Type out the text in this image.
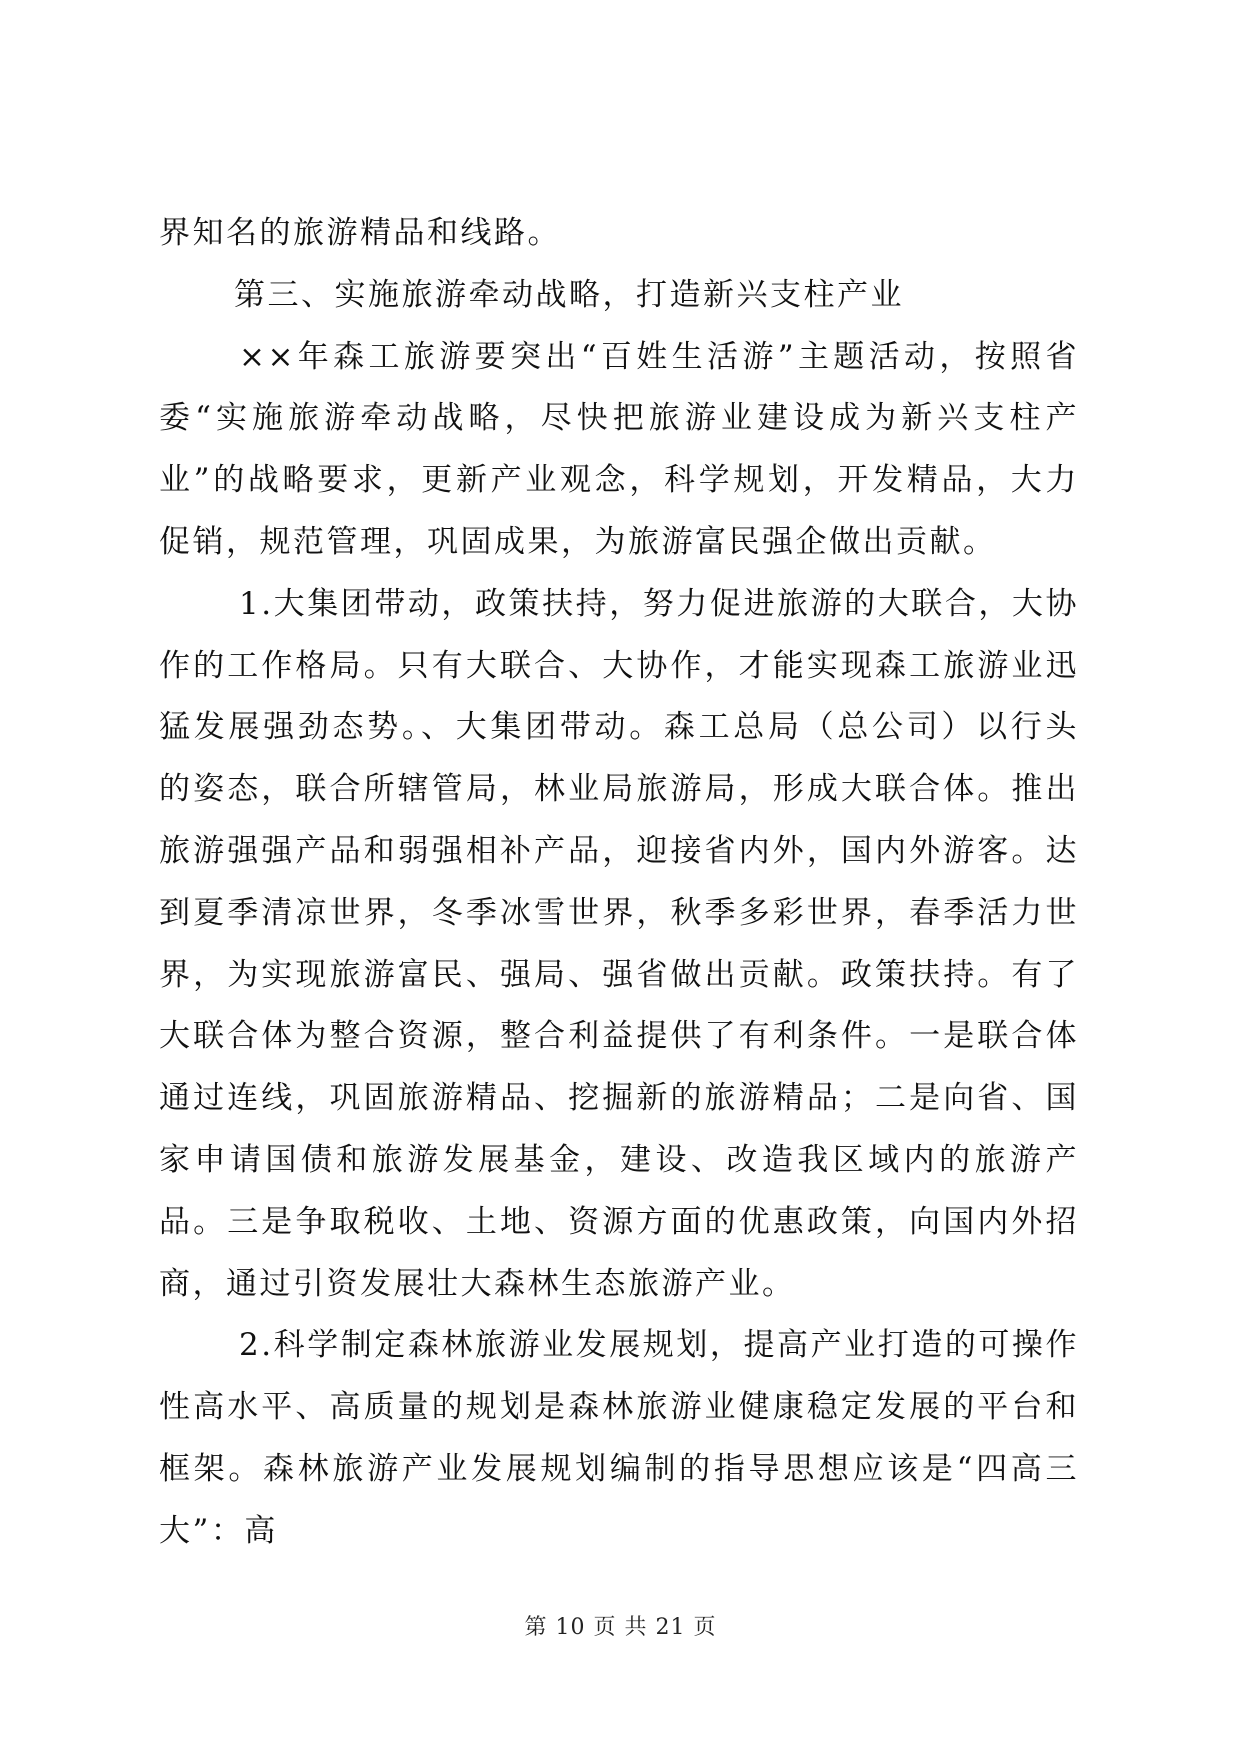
界知名的旅游精品和线路。

第三、实施旅游牵动战略，打造新兴支柱产业

××年森工旅游要突出“百姓生活游”主题活动，按照省委“实施旅游牵动战略，尽快把旅游业建设成为新兴支柱产业”的战略要求，更新产业观念，科学规划，开发精品，大力促销，规范管理，巩固成果，为旅游富民强企做出贡献。

1.大集团带动，政策扶持，努力促进旅游的大联合，大协作的工作格局。只有大联合、大协作，才能实现森工旅游业迅猛发展强劲态势。、大集团带动。森工总局（总公司）以行头的姿态，联合所辖管局，林业局旅游局，形成大联合体。推出旅游强强产品和弱强相补产品，迎接省内外，国内外游客。达到夏季清凉世界，冬季冰雪世界，秋季多彩世界，春季活力世界，为实现旅游富民、强局、强省做出贡献。政策扶持。有了大联合体为整合资源，整合利益提供了有利条件。一是联合体通过连线，巩固旅游精品、挖掘新的旅游精品；二是向省、国家申请国债和旅游发展基金，建设、改造我区域内的旅游产品。三是争取税收、土地、资源方面的优惠政策，向国内外招商，通过引资发展壮大森林生态旅游产业。

2.科学制定森林旅游业发展规划，提高产业打造的可操作性高水平、高质量的规划是森林旅游业健康稳定发展的平台和框架。森林旅游产业发展规划编制的指导思想应该是“四高三大”：高

第 10 页 共 21 页
